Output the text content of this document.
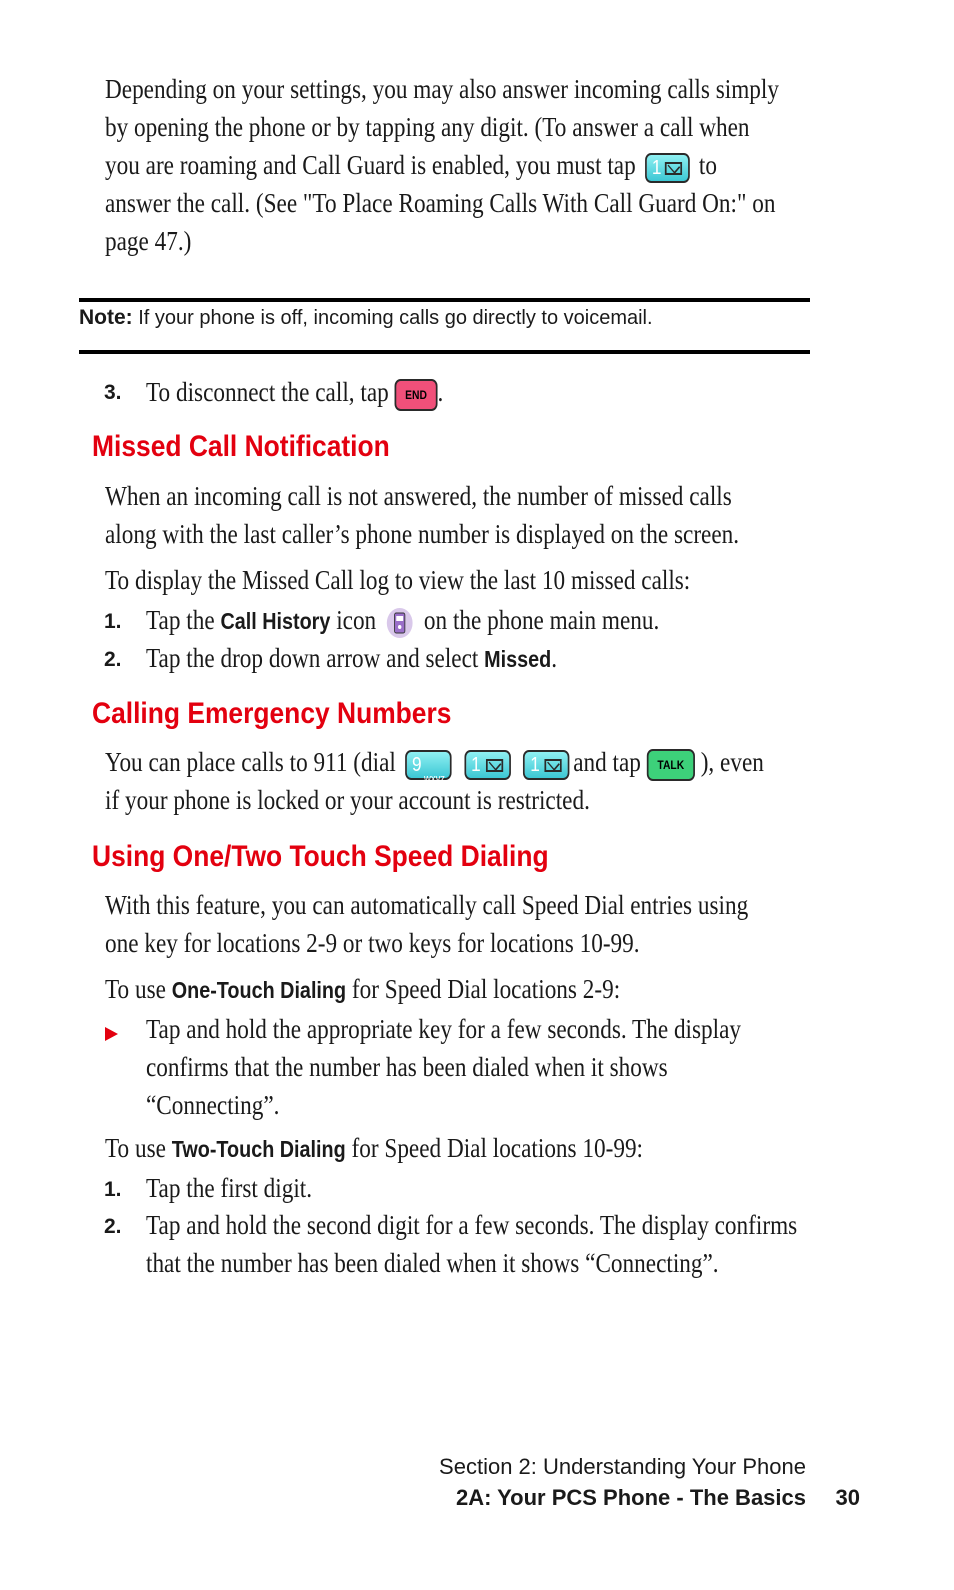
Depending on your settings, you may also answer incoming calls simply
by opening the phone or by tapping any digit. (To answer a call when
you are roaming and Call Guard is enabled, you must tap 1 to
answer the call. (See "To Place Roaming Calls With Call Guard On:" on
page 47.)
Note: If your phone is off, incoming calls go directly to voicemail.
3. To disconnect the call, tap END .
Missed Call Notification
When an incoming call is not answered, the number of missed calls
along with the last caller’s phone number is displayed on the screen.
To display the Missed Call log to view the last 10 missed calls:
1. Tap the Call History icon on the phone main menu.
2. Tap the drop down arrow and select Missed.
Calling Emergency Numbers
You can place calls to 911 (dial 9
wxyz

1
1 and tap TALK ), even
if your phone is locked or your account is restricted.
Using One/Two Touch Speed Dialing
With this feature, you can automatically call Speed Dial entries using
one key for locations 2-9 or two keys for locations 10-99.
To use One-Touch Dialing for Speed Dial locations 2-9:
Tap and hold the appropriate key for a few seconds. The display
confirms that the number has been dialed when it shows
“Connecting”.
To use Two-Touch Dialing for Speed Dial locations 10-99:
1. Tap the first digit.
2. Tap and hold the second digit for a few seconds. The display confirms
that the number has been dialed when it shows “Connecting”.
Section 2: Understanding Your Phone
2A: Your PCS Phone - The Basics 30
